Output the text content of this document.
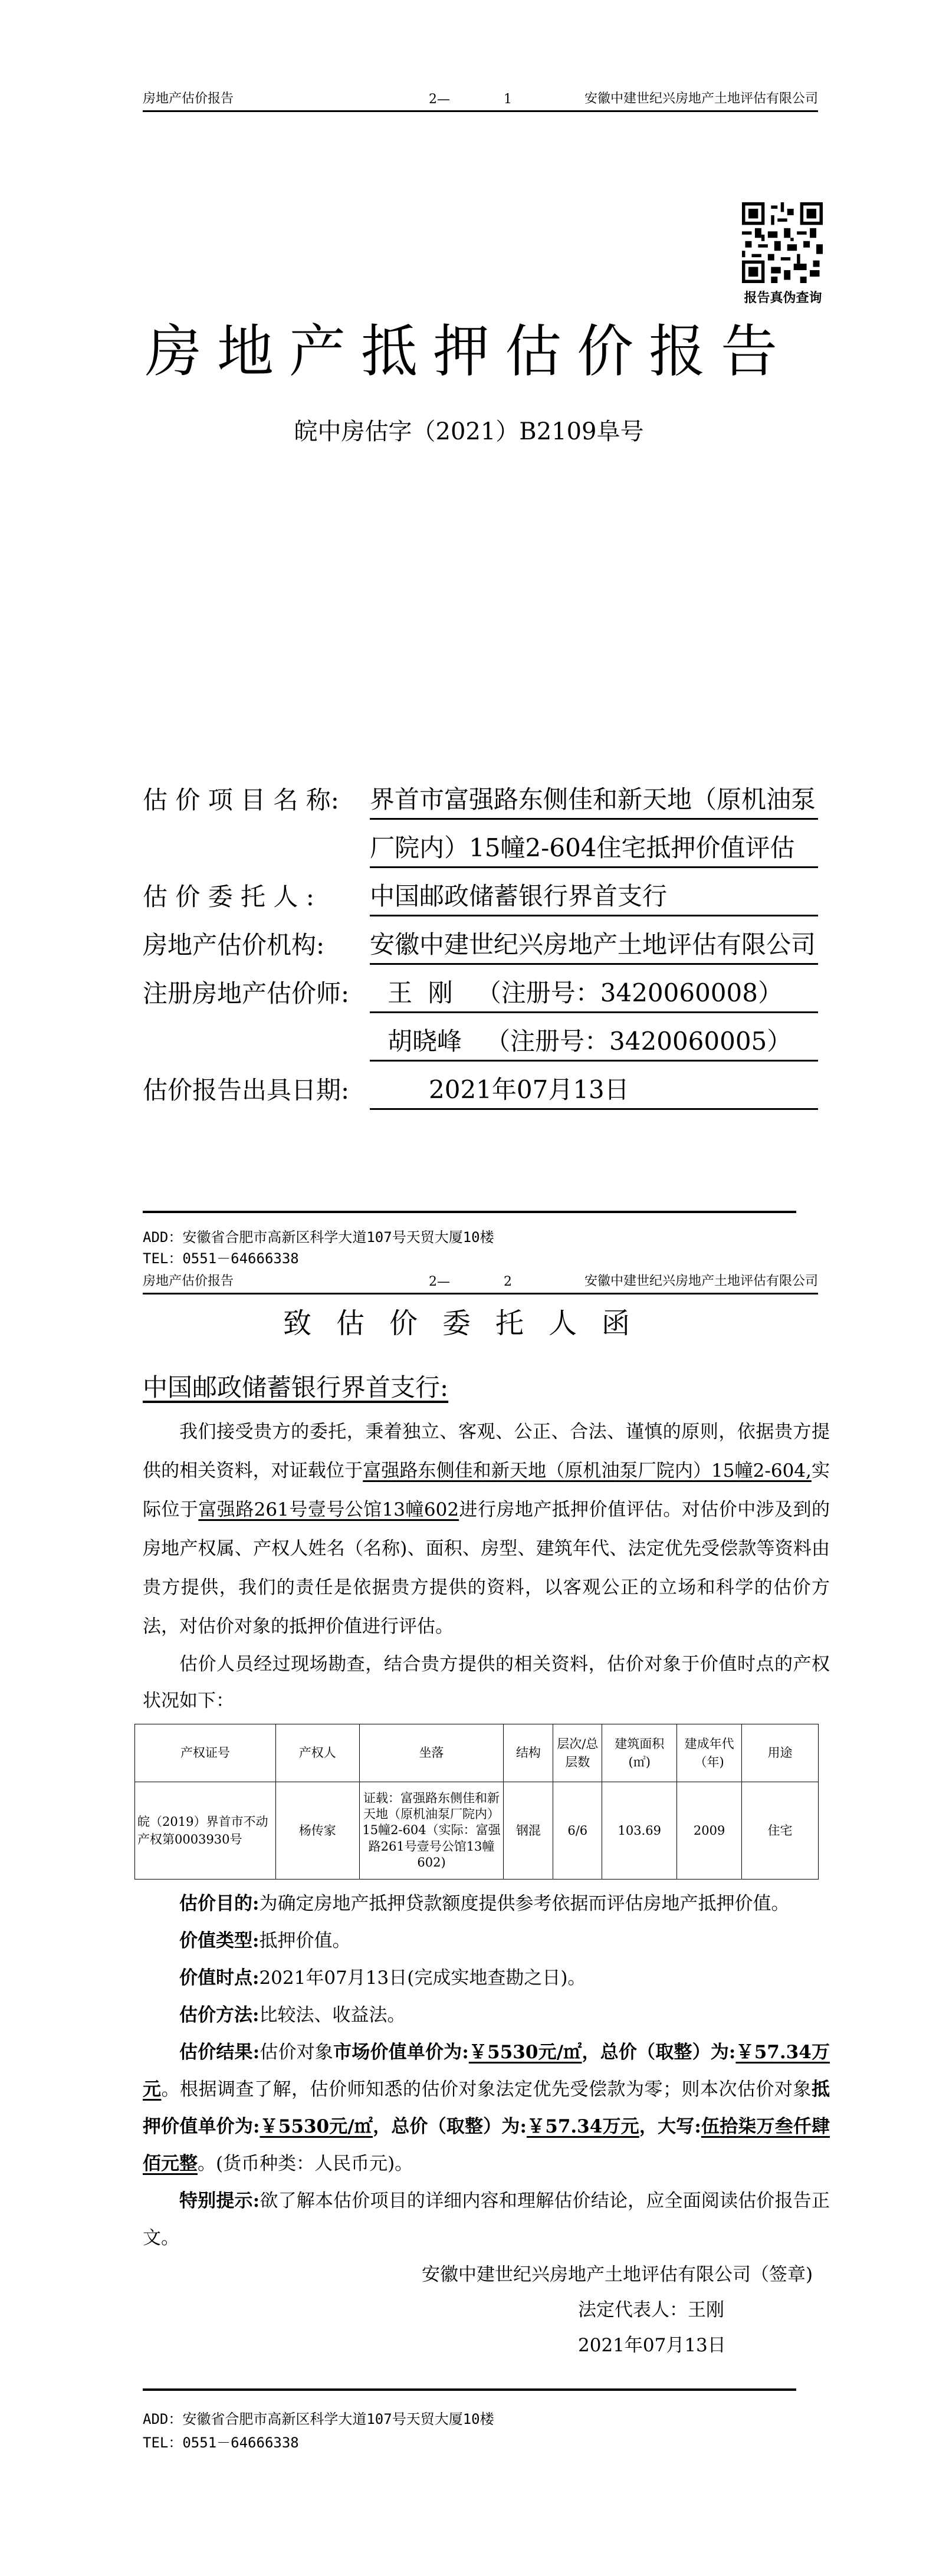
房地产估价报告	2—	1	安徽中建世纪兴房地产土地评估有限公司
报告真伪查询
房地产抵押估价报告
皖中房估字（2021）B2109阜号
估 价 项 目 名 称: 界首市富强路东侧佳和新天地（原机油泵
厂院内）15幢2-604住宅抵押价值评估
估 价 委 托 人 : 中国邮政储蓄银行界首支行
房地产估价机构: 安徽中建世纪兴房地产土地评估有限公司
注册房地产估价师:	王  刚   （注册号：3420060008）
胡晓峰   （注册号：3420060005）
估价报告出具日期:	2021年07月13日
ADD：安徽省合肥市高新区科学大道107号天贸大厦10楼
TEL：0551－64666338
房地产估价报告	2—	2	安徽中建世纪兴房地产土地评估有限公司
致估价委托人函
中国邮政储蓄银行界首支行:

我们接受贵方的委托，秉着独立、客观、公正、合法、谨慎的原则，依据贵方提供的相关资料，对证载位于富强路东侧佳和新天地（原机油泵厂院内）15幢2-604,实际位于富强路261号壹号公馆13幢602进行房地产抵押价值评估。对估价中涉及到的房地产权属、产权人姓名（名称)、面积、房型、建筑年代、法定优先受偿款等资料由贵方提供，我们的责任是依据贵方提供的资料，以客观公正的立场和科学的估价方法，对估价对象的抵押价值进行评估。

估价人员经过现场勘查，结合贵方提供的相关资料，估价对象于价值时点的产权状况如下：

产权证号	产权人	坐落	结构	层次/总层数	建筑面积(㎡)	建成年代（年)	用途
皖（2019）界首市不动产权第0003930号	杨传家	证载：富强路东侧佳和新天地（原机油泵厂院内）15幢2-604（实际：富强路261号壹号公馆13幢602)	钢混	6/6	103.69	2009	住宅

估价目的:为确定房地产抵押贷款额度提供参考依据而评估房地产抵押价值。

价值类型:抵押价值。

价值时点:2021年07月13日(完成实地查勘之日)。

估价方法:比较法、收益法。

估价结果:估价对象市场价值单价为:￥5530元/㎡，总价（取整）为:￥57.34万元。根据调查了解，估价师知悉的估价对象法定优先受偿款为零；则本次估价对象抵押价值单价为:￥5530元/㎡，总价（取整）为:￥57.34万元，大写:伍拾柒万叁仟肆佰元整。(货币种类：人民币元)。

特别提示:欲了解本估价项目的详细内容和理解估价结论，应全面阅读估价报告正文。

安徽中建世纪兴房地产土地评估有限公司（签章)
法定代表人：王刚
2021年07月13日
ADD：安徽省合肥市高新区科学大道107号天贸大厦10楼
TEL：0551－64666338
